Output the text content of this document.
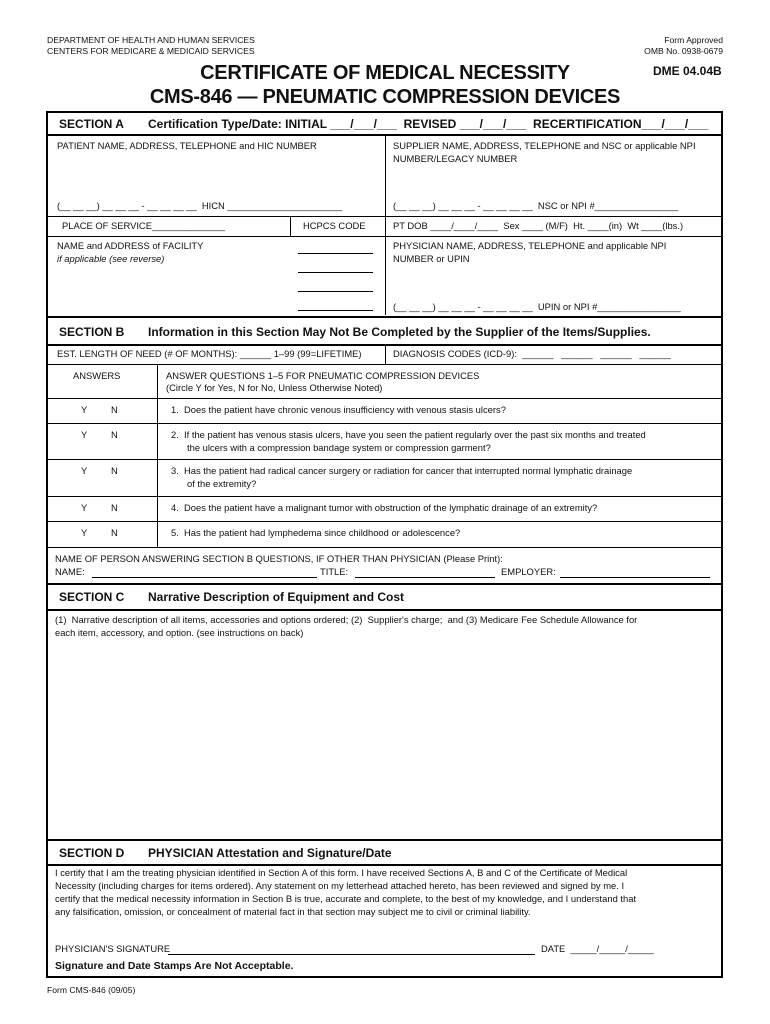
DEPARTMENT OF HEALTH AND HUMAN SERVICES
CENTERS FOR MEDICARE & MEDICAID SERVICES
Form Approved
OMB No. 0938-0679
CERTIFICATE OF MEDICAL NECESSITY
CMS-846 — PNEUMATIC COMPRESSION DEVICES
DME 04.04B
SECTION A Certification Type/Date: INITIAL ___/___/___  REVISED ___/___/___  RECERTIFICATION___/___/___
PATIENT NAME, ADDRESS, TELEPHONE and HIC NUMBER	SUPPLIER NAME, ADDRESS, TELEPHONE and NSC or applicable NPI NUMBER/LEGACY NUMBER
(__ __ __) __ __ __ - __ __ __ __  HICN ______________________	(__ __ __) __ __ __ - __ __ __ __  NSC or NPI #________________
PLACE OF SERVICE______________	HCPCS CODE	PT DOB ____/____/____  Sex ____ (M/F)  Ht. ____(in)  Wt ____(lbs.)
NAME and ADDRESS of FACILITY
if applicable (see reverse)
PHYSICIAN NAME, ADDRESS, TELEPHONE and applicable NPI NUMBER or UPIN
(__ __ __) __ __ __ - __ __ __ __  UPIN or NPI #________________
SECTION B Information in this Section May Not Be Completed by the Supplier of the Items/Supplies.
EST. LENGTH OF NEED (# OF MONTHS): ______ 1–99 (99=LIFETIME)	DIAGNOSIS CODES (ICD-9):  ______   ______   ______   ______
ANSWERS	ANSWER QUESTIONS 1–5 FOR PNEUMATIC COMPRESSION DEVICES
(Circle Y for Yes, N for No, Unless Otherwise Noted)
Y	N	1.  Does the patient have chronic venous insufficiency with venous stasis ulcers?
Y	N	2.  If the patient has venous stasis ulcers, have you seen the patient regularly over the past six months and treated
the ulcers with a compression bandage system or compression garment?
Y	N	3.  Has the patient had radical cancer surgery or radiation for cancer that interrupted normal lymphatic drainage
of the extremity?
Y	N	4.  Does the patient have a malignant tumor with obstruction of the lymphatic drainage of an extremity?
Y	N	5.  Has the patient had lymphedema since childhood or adolescence?
NAME OF PERSON ANSWERING SECTION B QUESTIONS, IF OTHER THAN PHYSICIAN (Please Print):
NAME:	TITLE:	EMPLOYER:
SECTION C Narrative Description of Equipment and Cost
(1)  Narrative description of all items, accessories and options ordered; (2)  Supplier's charge;  and (3) Medicare Fee Schedule Allowance for
each item, accessory, and option. (see instructions on back)
SECTION D PHYSICIAN Attestation and Signature/Date
I certify that I am the treating physician identified in Section A of this form. I have received Sections A, B and C of the Certificate of Medical
Necessity (including charges for items ordered). Any statement on my letterhead attached hereto, has been reviewed and signed by me. I
certify that the medical necessity information in Section B is true, accurate and complete, to the best of my knowledge, and I understand that
any falsification, omission, or concealment of material fact in that section may subject me to civil or criminal liability.
PHYSICIAN'S SIGNATURE	DATE  _____/_____/_____
Signature and Date Stamps Are Not Acceptable.
Form CMS-846 (09/05)
